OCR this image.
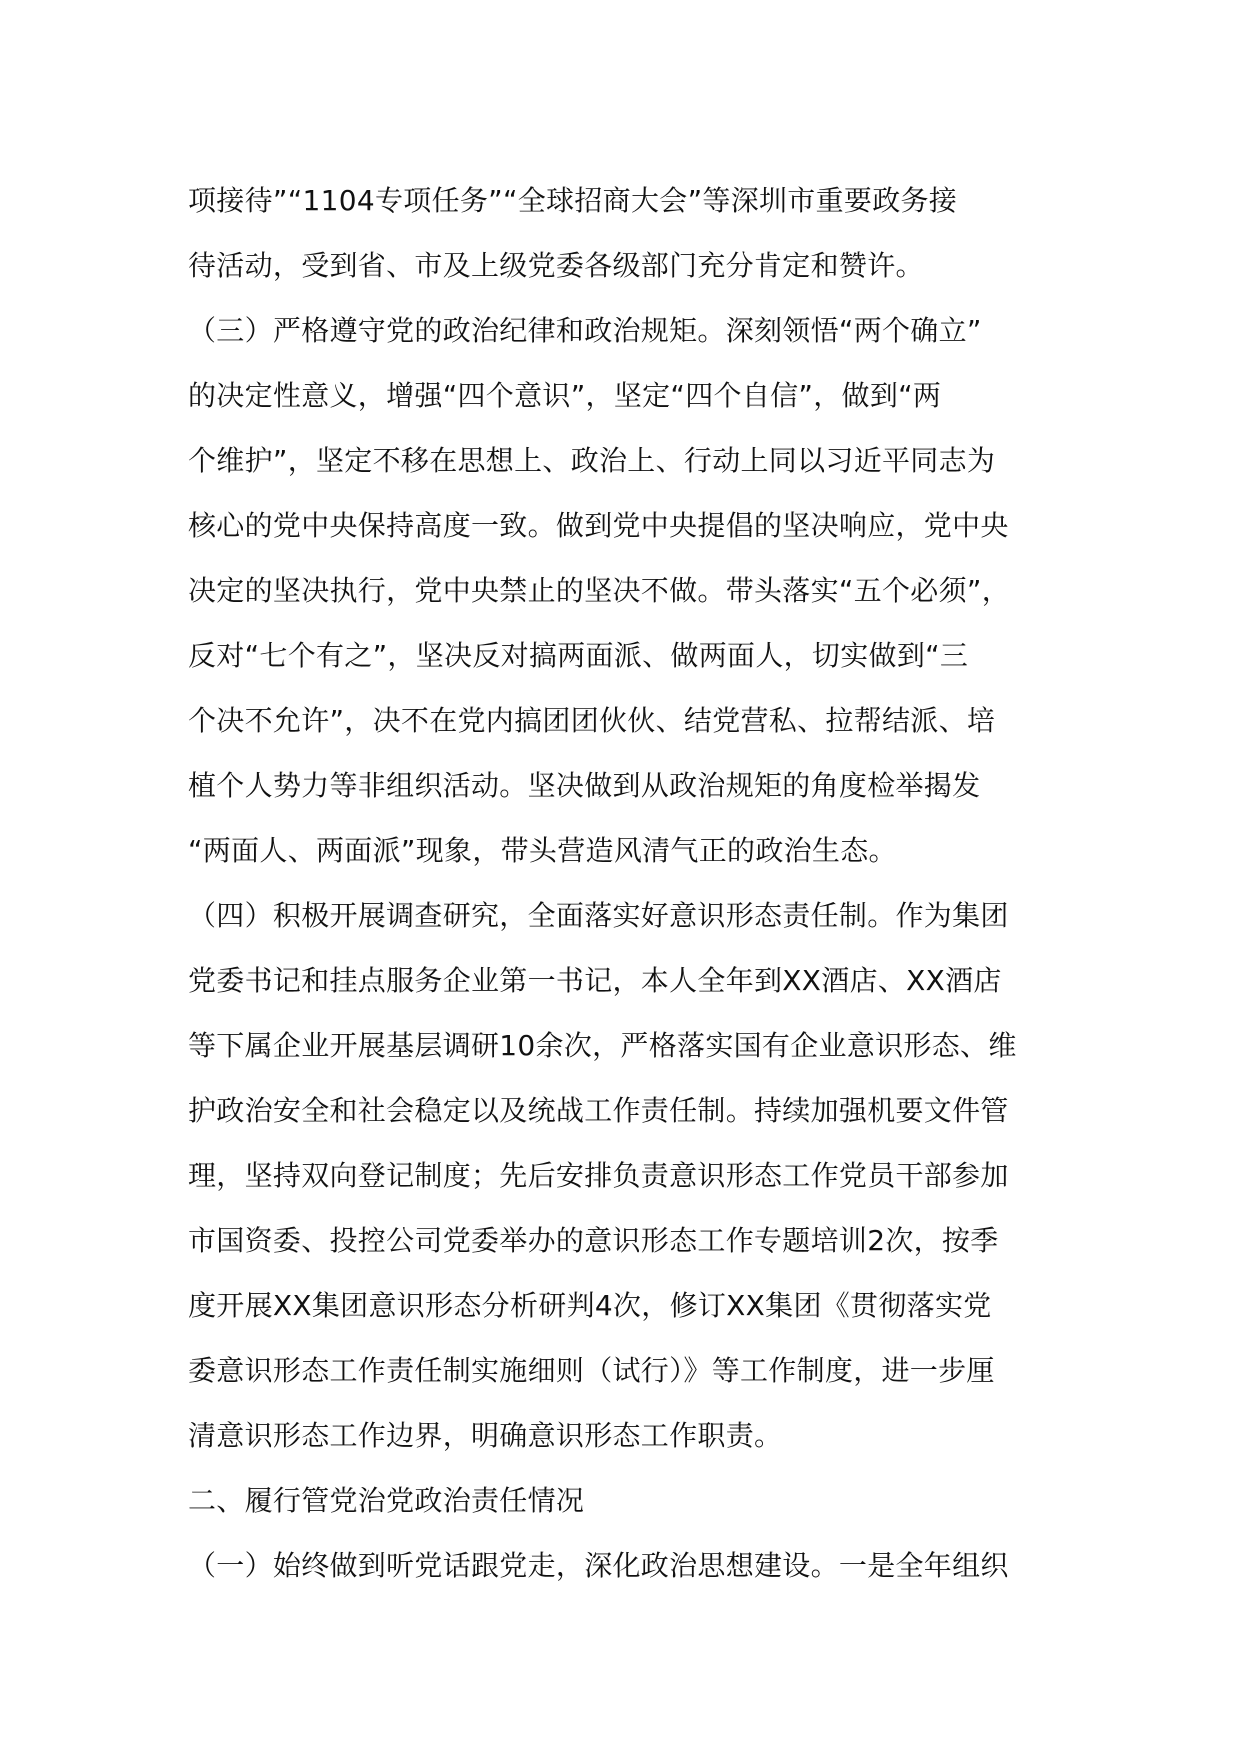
项接待”“1104专项任务”“全球招商大会”等深圳市重要政务接
待活动，受到省、市及上级党委各级部门充分肯定和赞许。
（三）严格遵守党的政治纪律和政治规矩。深刻领悟“两个确立”
的决定性意义，增强“四个意识”，坚定“四个自信”，做到“两
个维护”，坚定不移在思想上、政治上、行动上同以习近平同志为
核心的党中央保持高度一致。做到党中央提倡的坚决响应，党中央
决定的坚决执行，党中央禁止的坚决不做。带头落实“五个必须”，
反对“七个有之”，坚决反对搞两面派、做两面人，切实做到“三
个决不允许”，决不在党内搞团团伙伙、结党营私、拉帮结派、培
植个人势力等非组织活动。坚决做到从政治规矩的角度检举揭发
“两面人、两面派”现象，带头营造风清气正的政治生态。
（四）积极开展调查研究，全面落实好意识形态责任制。作为集团
党委书记和挂点服务企业第一书记，本人全年到XX酒店、XX酒店
等下属企业开展基层调研10余次，严格落实国有企业意识形态、维
护政治安全和社会稳定以及统战工作责任制。持续加强机要文件管
理，坚持双向登记制度；先后安排负责意识形态工作党员干部参加
市国资委、投控公司党委举办的意识形态工作专题培训2次，按季
度开展XX集团意识形态分析研判4次，修订XX集团《贯彻落实党
委意识形态工作责任制实施细则（试行）》等工作制度，进一步厘
清意识形态工作边界，明确意识形态工作职责。
二、履行管党治党政治责任情况
（一）始终做到听党话跟党走，深化政治思想建设。一是全年组织
